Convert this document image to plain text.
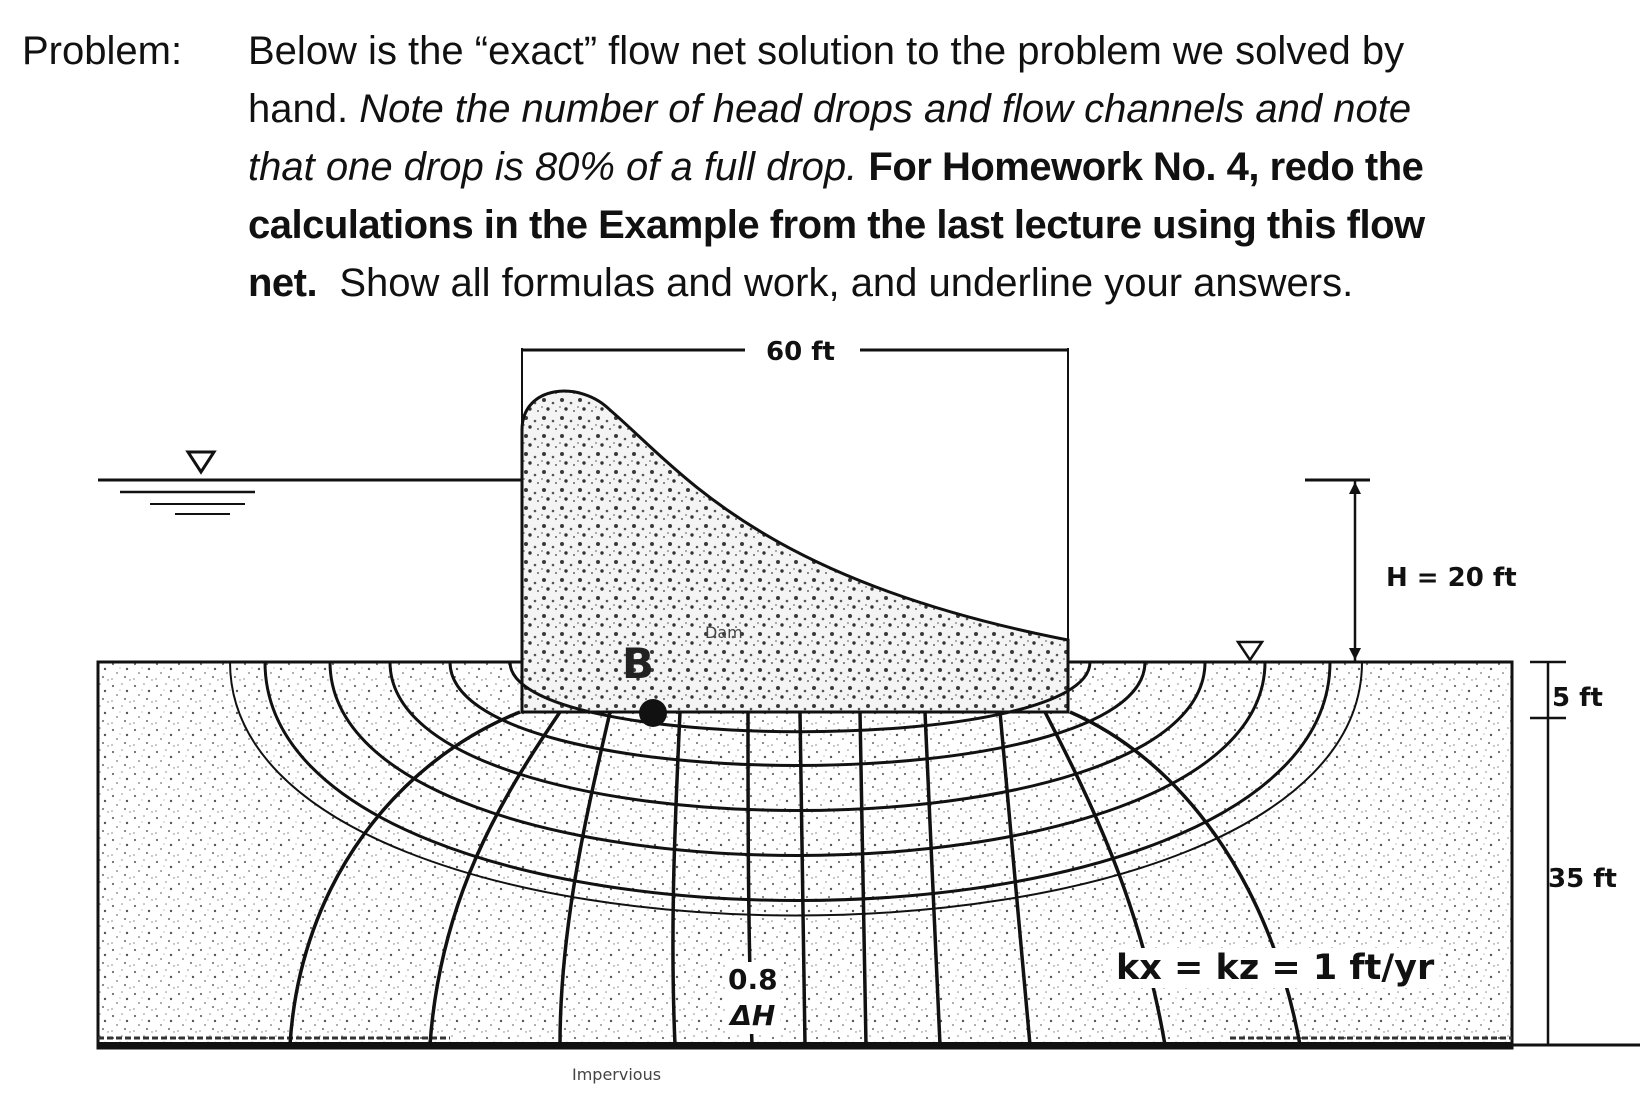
Problem: Below is the “exact” flow net solution to the problem we solved by
hand. Note the number of head drops and flow channels and note
that one drop is 80% of a full drop. For Homework No. 4, redo the
calculations in the Example from the last lecture using this flow
net. Show all formulas and work, and underline your answers.
B
Dam
Impervious
60 ft
H = 20 ft
5 ft
35 ft
kx = kz = 1 ft/yr
0.8
ΔH
